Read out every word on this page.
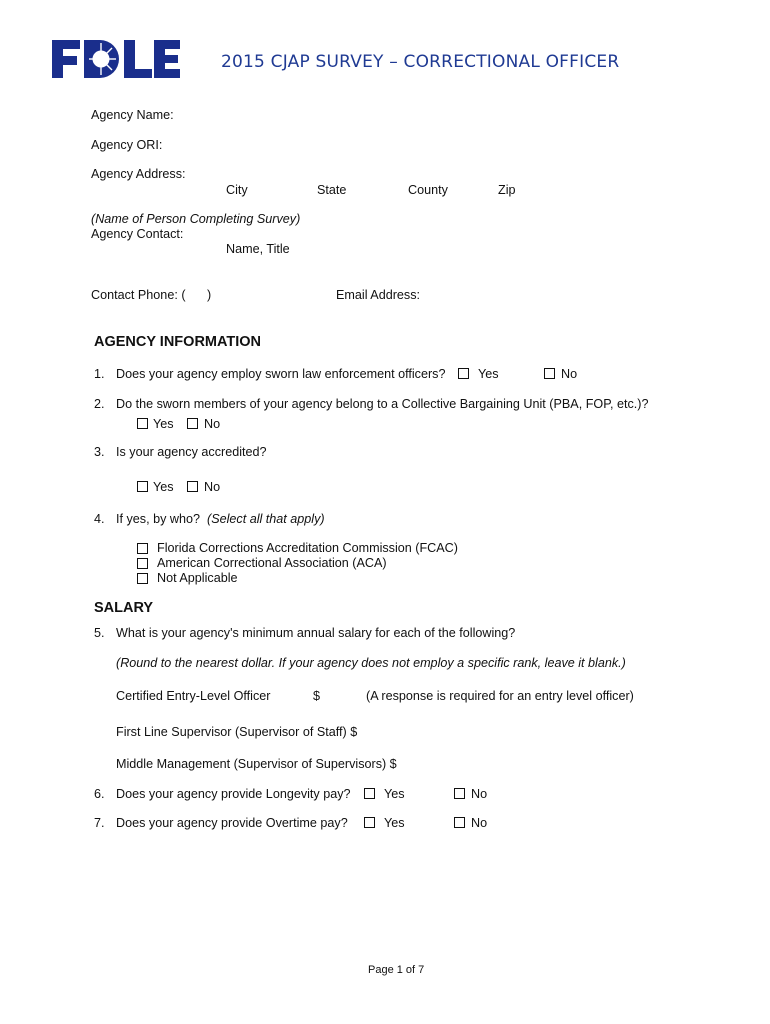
2015 CJAP SURVEY – CORRECTIONAL OFFICER
Agency Name:
Agency ORI:
Agency Address:
City	State	County	Zip
(Name of Person Completing Survey)
Agency Contact:
Name, Title
Contact Phone: ( )	Email Address:
AGENCY INFORMATION
1. Does your agency employ sworn law enforcement officers?	Yes	No
2. Do the sworn members of your agency belong to a Collective Bargaining Unit (PBA, FOP, etc.)?
Yes No
3. Is your agency accredited?
Yes No
4. If yes, by who? (Select all that apply)
Florida Corrections Accreditation Commission (FCAC)
American Correctional Association (ACA)
Not Applicable
SALARY
5. What is your agency's minimum annual salary for each of the following?
(Round to the nearest dollar. If your agency does not employ a specific rank, leave it blank.)
Certified Entry-Level Officer	$	(A response is required for an entry level officer)
First Line Supervisor (Supervisor of Staff) $
Middle Management (Supervisor of Supervisors) $
6. Does your agency provide Longevity pay?	Yes	No
7. Does your agency provide Overtime pay?	Yes	No
Page 1 of 7
